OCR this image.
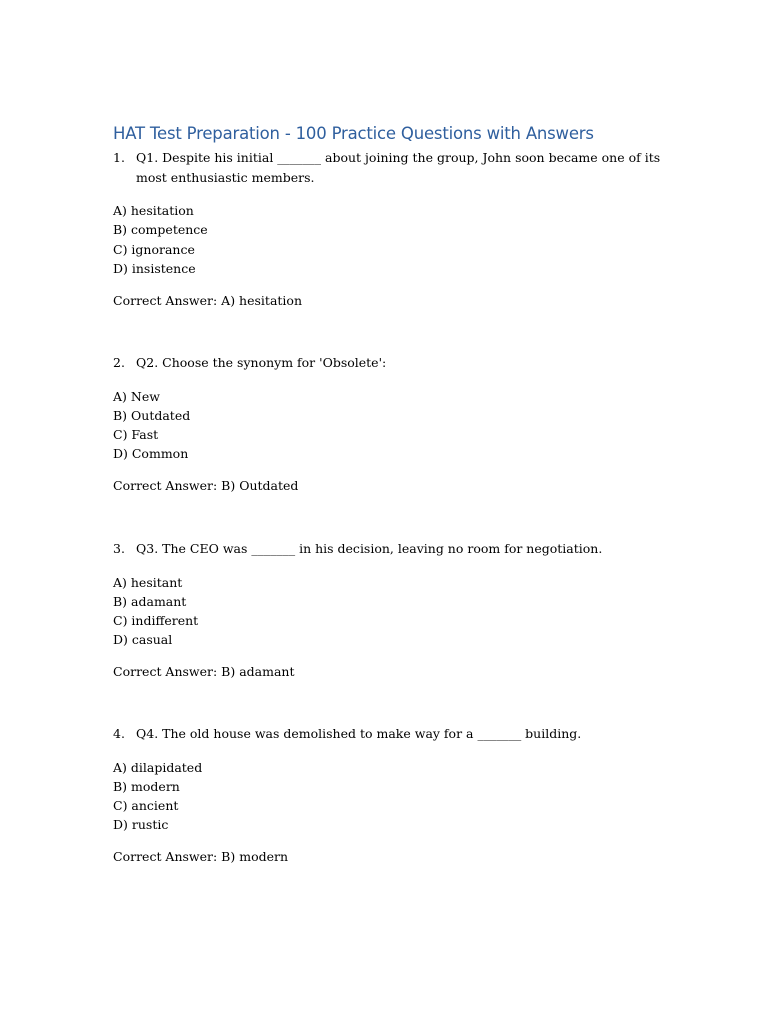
HAT Test Preparation - 100 Practice Questions with Answers
1. Q1. Despite his initial _______ about joining the group, John soon became one of its most enthusiastic members.
A) hesitation
B) competence
C) ignorance
D) insistence
Correct Answer: A) hesitation
2. Q2. Choose the synonym for 'Obsolete':
A) New
B) Outdated
C) Fast
D) Common
Correct Answer: B) Outdated
3. Q3. The CEO was _______ in his decision, leaving no room for negotiation.
A) hesitant
B) adamant
C) indifferent
D) casual
Correct Answer: B) adamant
4. Q4. The old house was demolished to make way for a _______ building.
A) dilapidated
B) modern
C) ancient
D) rustic
Correct Answer: B) modern
